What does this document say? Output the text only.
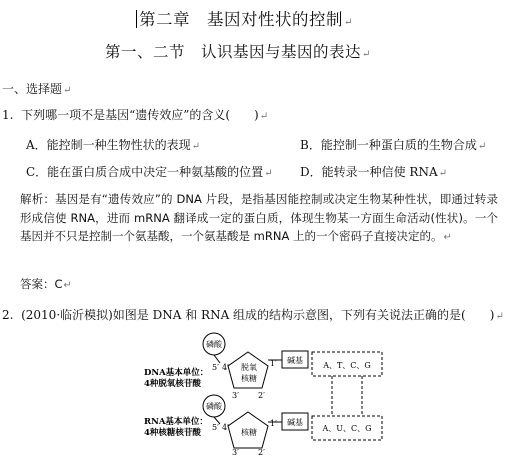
第二章　基因对性状的控制↵
第一、二节　认识基因与基因的表达↵
一、选择题↵
1. 下列哪一项不是基因“遗传效应”的含义(　　)↵
A．能控制一种生物性状的表现↵	B．能控制一种蛋白质的生物合成↵
C．能在蛋白质合成中决定一种氨基酸的位置↵ D．能转录一种信使 RNA↵
解析：基因是有“遗传效应”的 DNA 片段，是指基因能控制或决定生物某种性状，即通过转录形成信使 RNA，进而 mRNA 翻译成一定的蛋白质，体现生物某一方面生命活动(性状)。一个基因并不只是控制一个氨基酸，一个氨基酸是 mRNA 上的一个密码子直接决定的。↵
答案：C↵
2. (2010·临沂模拟)如图是 DNA 和 RNA 组成的结构示意图，下列有关说法正确的是(　　)↵
DNA基本单位：
4种脱氧核苷酸
磷酸
脱氧
核糖
5′ 4′	1′
3′ 2′
碱基
A、T、C、G
RNA基本单位：
4种核糖核苷酸
磷酸
核糖
5′ 4′	1′
3′ 2′
碱基
A、U、C、G
